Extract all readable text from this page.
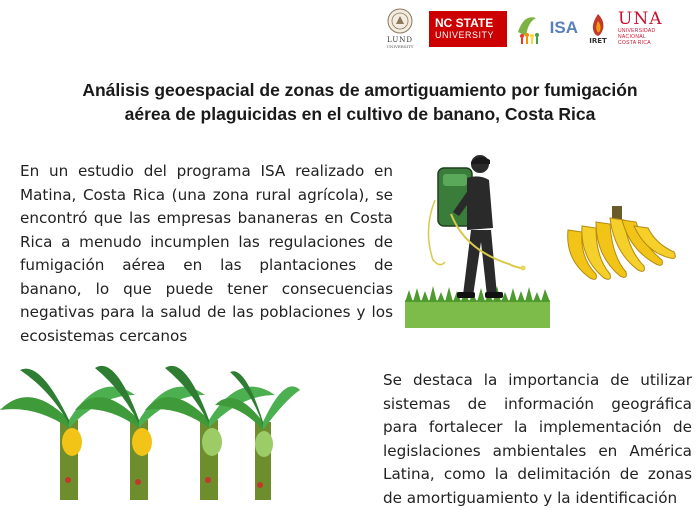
LUND
UNIVERSITY
NC STATE
UNIVERSITY	ISA
IRET
UNA
UNIVERSIDAD
NACIONAL
COSTA RICA
Análisis geoespacial de zonas de amortiguamiento por fumigación
aérea de plaguicidas en el cultivo de banano, Costa Rica

En un estudio del programa ISA realizado en Matina, Costa Rica (una zona rural agrícola), se encontró que las empresas bananeras en Costa Rica a menudo incumplen las regulaciones de fumigación aérea en las plantaciones de banano, lo que puede tener consecuencias negativas para la salud de las poblaciones y los ecosistemas cercanos

Se destaca la importancia de utilizar sistemas de información geográfica para fortalecer la implementación de legislaciones ambientales en América Latina, como la delimitación de zonas de amortiguamiento y la identificación
